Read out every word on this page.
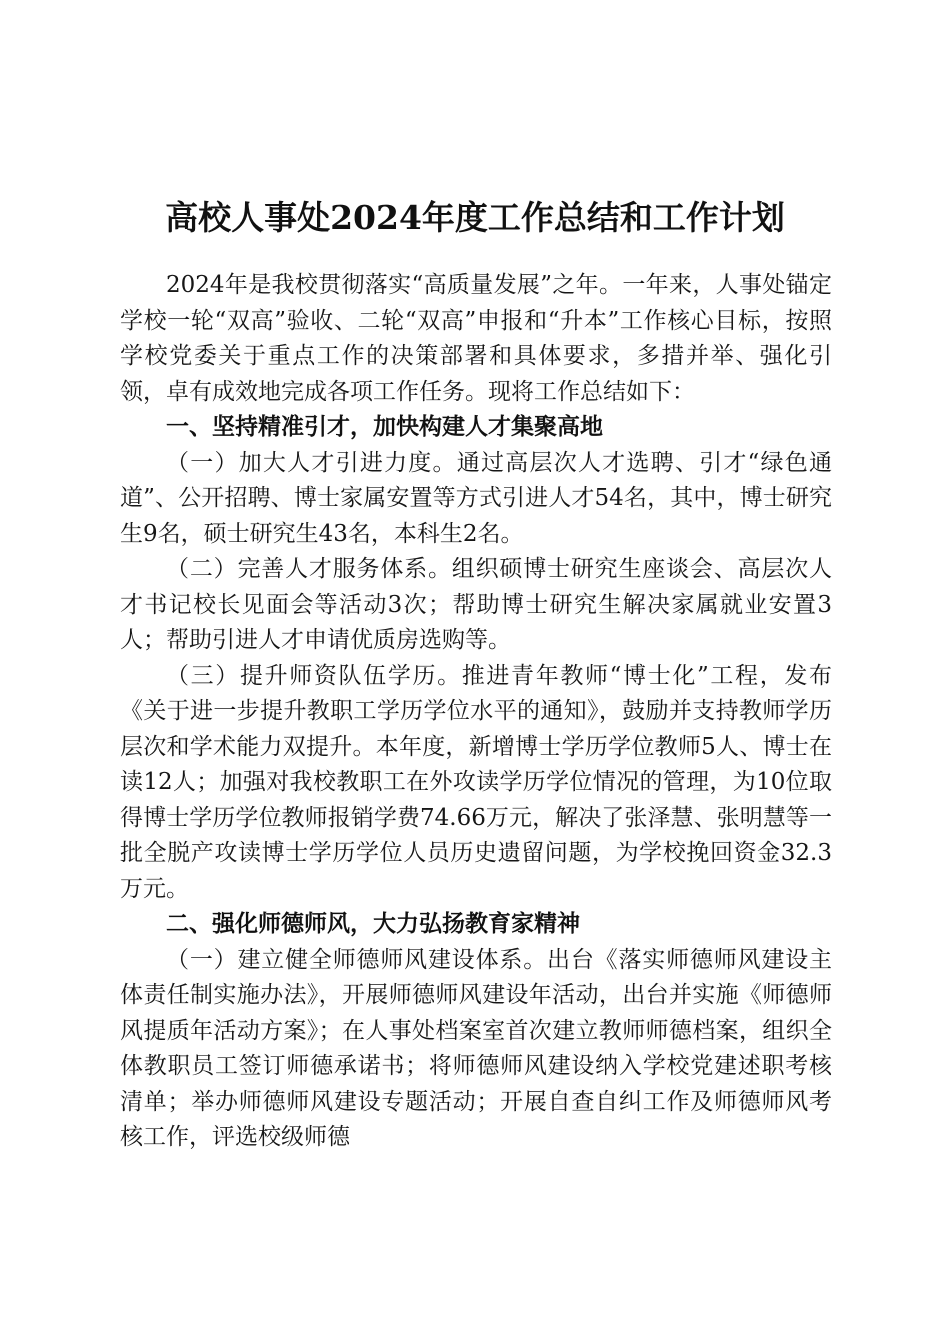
高校人事处2024年度工作总结和工作计划

2024年是我校贯彻落实“高质量发展”之年。一年来，人事处锚定学校一轮“双高”验收、二轮“双高”申报和“升本”工作核心目标，按照学校党委关于重点工作的决策部署和具体要求，多措并举、强化引领，卓有成效地完成各项工作任务。现将工作总结如下：

一、坚持精准引才，加快构建人才集聚高地

（一）加大人才引进力度。通过高层次人才选聘、引才“绿色通道”、公开招聘、博士家属安置等方式引进人才54名，其中，博士研究生9名，硕士研究生43名，本科生2名。

（二）完善人才服务体系。组织硕博士研究生座谈会、高层次人才书记校长见面会等活动3次；帮助博士研究生解决家属就业安置3人；帮助引进人才申请优质房选购等。

（三）提升师资队伍学历。推进青年教师“博士化”工程，发布《关于进一步提升教职工学历学位水平的通知》，鼓励并支持教师学历层次和学术能力双提升。本年度，新增博士学历学位教师5人、博士在读12人；加强对我校教职工在外攻读学历学位情况的管理，为10位取得博士学历学位教师报销学费74.66万元，解决了张泽慧、张明慧等一批全脱产攻读博士学历学位人员历史遗留问题，为学校挽回资金32.3万元。

二、强化师德师风，大力弘扬教育家精神

（一）建立健全师德师风建设体系。出台《落实师德师风建设主体责任制实施办法》，开展师德师风建设年活动，出台并实施《师德师风提质年活动方案》；在人事处档案室首次建立教师师德档案，组织全体教职员工签订师德承诺书；将师德师风建设纳入学校党建述职考核清单；举办师德师风建设专题活动；开展自查自纠工作及师德师风考核工作，评选校级师德
